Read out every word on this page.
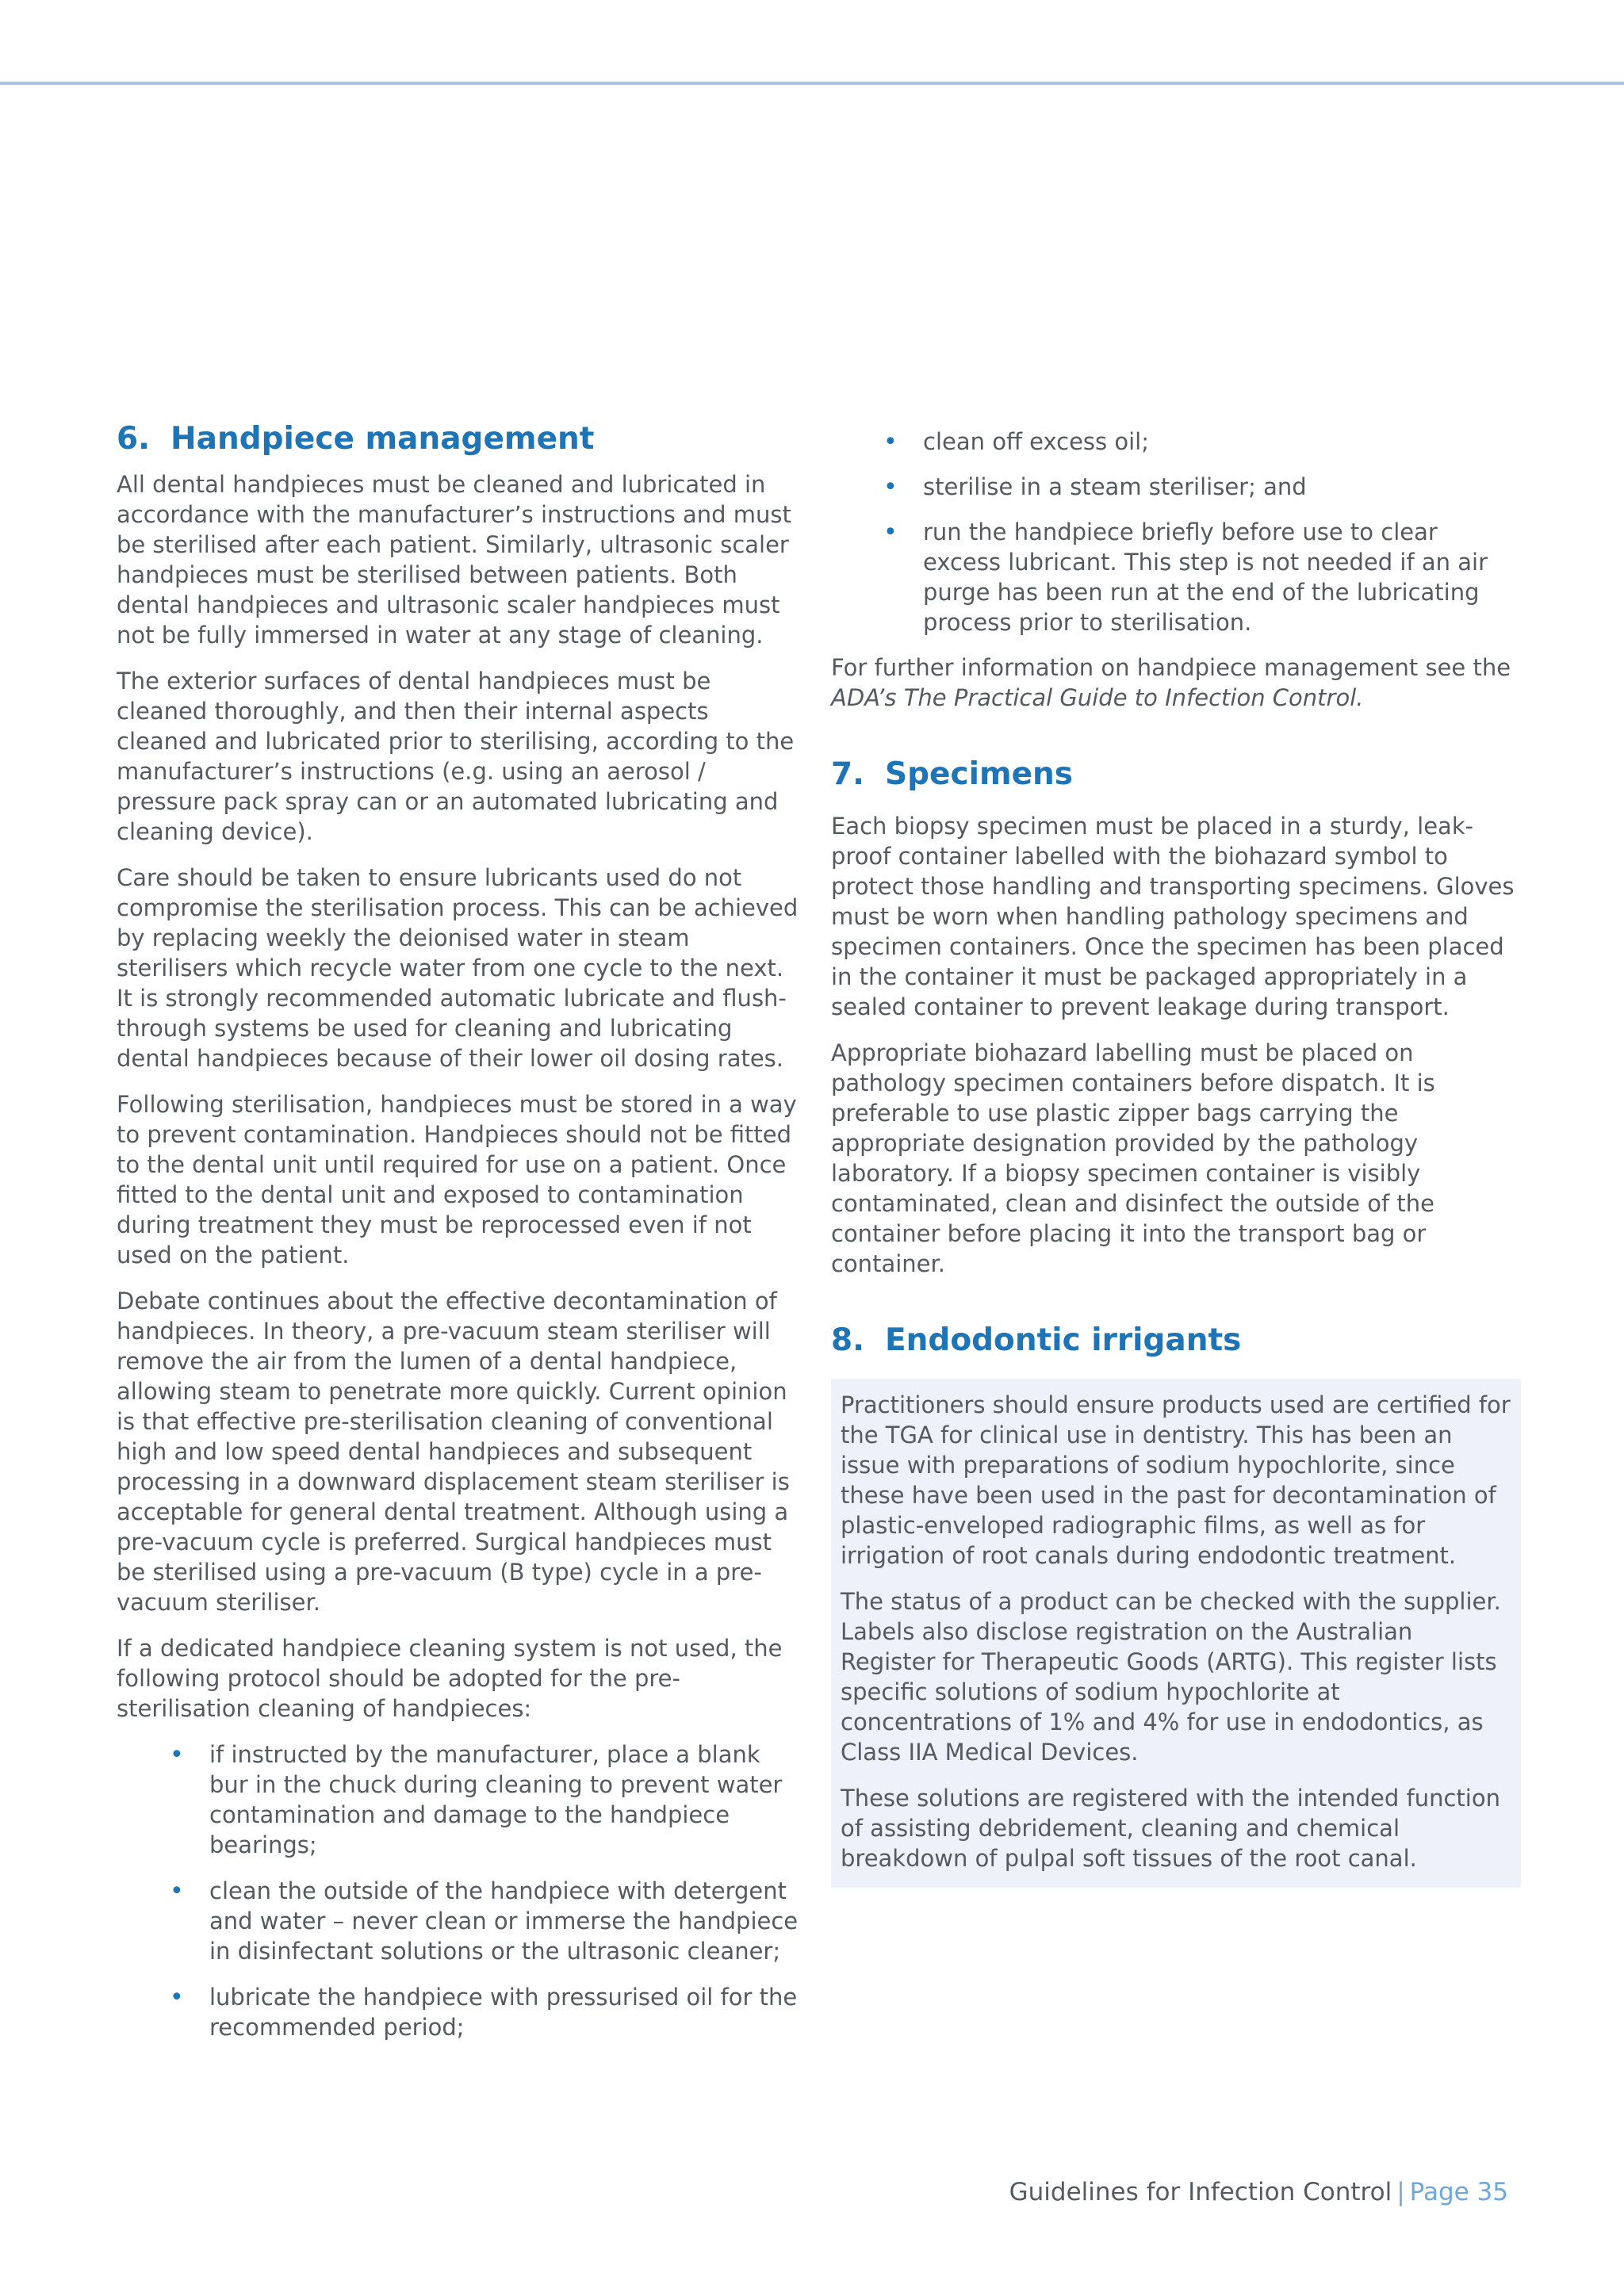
6. Handpiece management

All dental handpieces must be cleaned and lubricated in accordance with the manufacturer’s instructions and must be sterilised after each patient. Similarly, ultrasonic scaler handpieces must be sterilised between patients. Both dental handpieces and ultrasonic scaler handpieces must not be fully immersed in water at any stage of cleaning.

The exterior surfaces of dental handpieces must be cleaned thoroughly, and then their internal aspects cleaned and lubricated prior to sterilising, according to the manufacturer’s instructions (e.g. using an aerosol / pressure pack spray can or an automated lubricating and cleaning device).

Care should be taken to ensure lubricants used do not compromise the sterilisation process. This can be achieved by replacing weekly the deionised water in steam sterilisers which recycle water from one cycle to the next. It is strongly recommended automatic lubricate and flush-through systems be used for cleaning and lubricating dental handpieces because of their lower oil dosing rates.

Following sterilisation, handpieces must be stored in a way to prevent contamination. Handpieces should not be fitted to the dental unit until required for use on a patient. Once fitted to the dental unit and exposed to contamination during treatment they must be reprocessed even if not used on the patient.

Debate continues about the effective decontamination of handpieces. In theory, a pre-vacuum steam steriliser will remove the air from the lumen of a dental handpiece, allowing steam to penetrate more quickly. Current opinion is that effective pre-sterilisation cleaning of conventional high and low speed dental handpieces and subsequent processing in a downward displacement steam steriliser is acceptable for general dental treatment. Although using a pre-vacuum cycle is preferred. Surgical handpieces must be sterilised using a pre-vacuum (B type) cycle in a pre-vacuum steriliser.

If a dedicated handpiece cleaning system is not used, the following protocol should be adopted for the pre-sterilisation cleaning of handpieces:

• if instructed by the manufacturer, place a blank bur in the chuck during cleaning to prevent water contamination and damage to the handpiece bearings;
• clean the outside of the handpiece with detergent and water – never clean or immerse the handpiece in disinfectant solutions or the ultrasonic cleaner;
• lubricate the handpiece with pressurised oil for the recommended period;
• clean off excess oil;
• sterilise in a steam steriliser; and
• run the handpiece briefly before use to clear excess lubricant. This step is not needed if an air purge has been run at the end of the lubricating process prior to sterilisation.

For further information on handpiece management see the ADA’s The Practical Guide to Infection Control.

7. Specimens

Each biopsy specimen must be placed in a sturdy, leak-proof container labelled with the biohazard symbol to protect those handling and transporting specimens. Gloves must be worn when handling pathology specimens and specimen containers. Once the specimen has been placed in the container it must be packaged appropriately in a sealed container to prevent leakage during transport.

Appropriate biohazard labelling must be placed on pathology specimen containers before dispatch. It is preferable to use plastic zipper bags carrying the appropriate designation provided by the pathology laboratory. If a biopsy specimen container is visibly contaminated, clean and disinfect the outside of the container before placing it into the transport bag or container.

8. Endodontic irrigants

Practitioners should ensure products used are certified for the TGA for clinical use in dentistry. This has been an issue with preparations of sodium hypochlorite, since these have been used in the past for decontamination of plastic-enveloped radiographic films, as well as for irrigation of root canals during endodontic treatment.

The status of a product can be checked with the supplier. Labels also disclose registration on the Australian Register for Therapeutic Goods (ARTG). This register lists specific solutions of sodium hypochlorite at concentrations of 1% and 4% for use in endodontics, as Class IIA Medical Devices.

These solutions are registered with the intended function of assisting debridement, cleaning and chemical breakdown of pulpal soft tissues of the root canal.

Guidelines for Infection Control | Page 35
